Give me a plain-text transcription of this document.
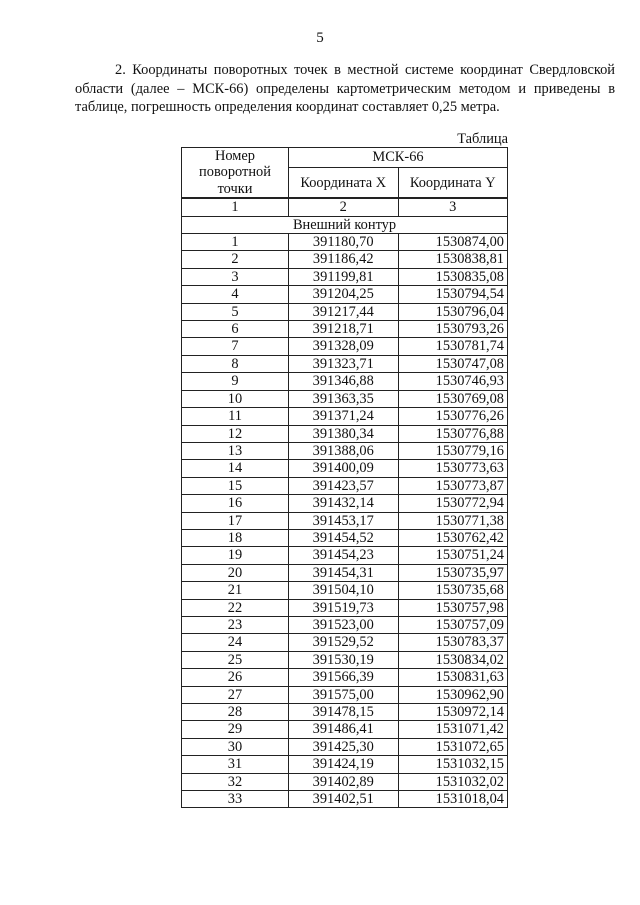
5

2. Координаты поворотных точек в местной системе координат Свердловской области (далее – МСК-66) определены картометрическим методом и приведены в таблице, погрешность определения координат составляет 0,25 метра.

Таблица
Номер поворотной точки	МСК-66	
	Координата X	Координата Y
1	2	3
Внешний контур		
1	391180,70	1530874,00
2	391186,42	1530838,81
3	391199,81	1530835,08
4	391204,25	1530794,54
5	391217,44	1530796,04
6	391218,71	1530793,26
7	391328,09	1530781,74
8	391323,71	1530747,08
9	391346,88	1530746,93
10	391363,35	1530769,08
11	391371,24	1530776,26
12	391380,34	1530776,88
13	391388,06	1530779,16
14	391400,09	1530773,63
15	391423,57	1530773,87
16	391432,14	1530772,94
17	391453,17	1530771,38
18	391454,52	1530762,42
19	391454,23	1530751,24
20	391454,31	1530735,97
21	391504,10	1530735,68
22	391519,73	1530757,98
23	391523,00	1530757,09
24	391529,52	1530783,37
25	391530,19	1530834,02
26	391566,39	1530831,63
27	391575,00	1530962,90
28	391478,15	1530972,14
29	391486,41	1531071,42
30	391425,30	1531072,65
31	391424,19	1531032,15
32	391402,89	1531032,02
33	391402,51	1531018,04
